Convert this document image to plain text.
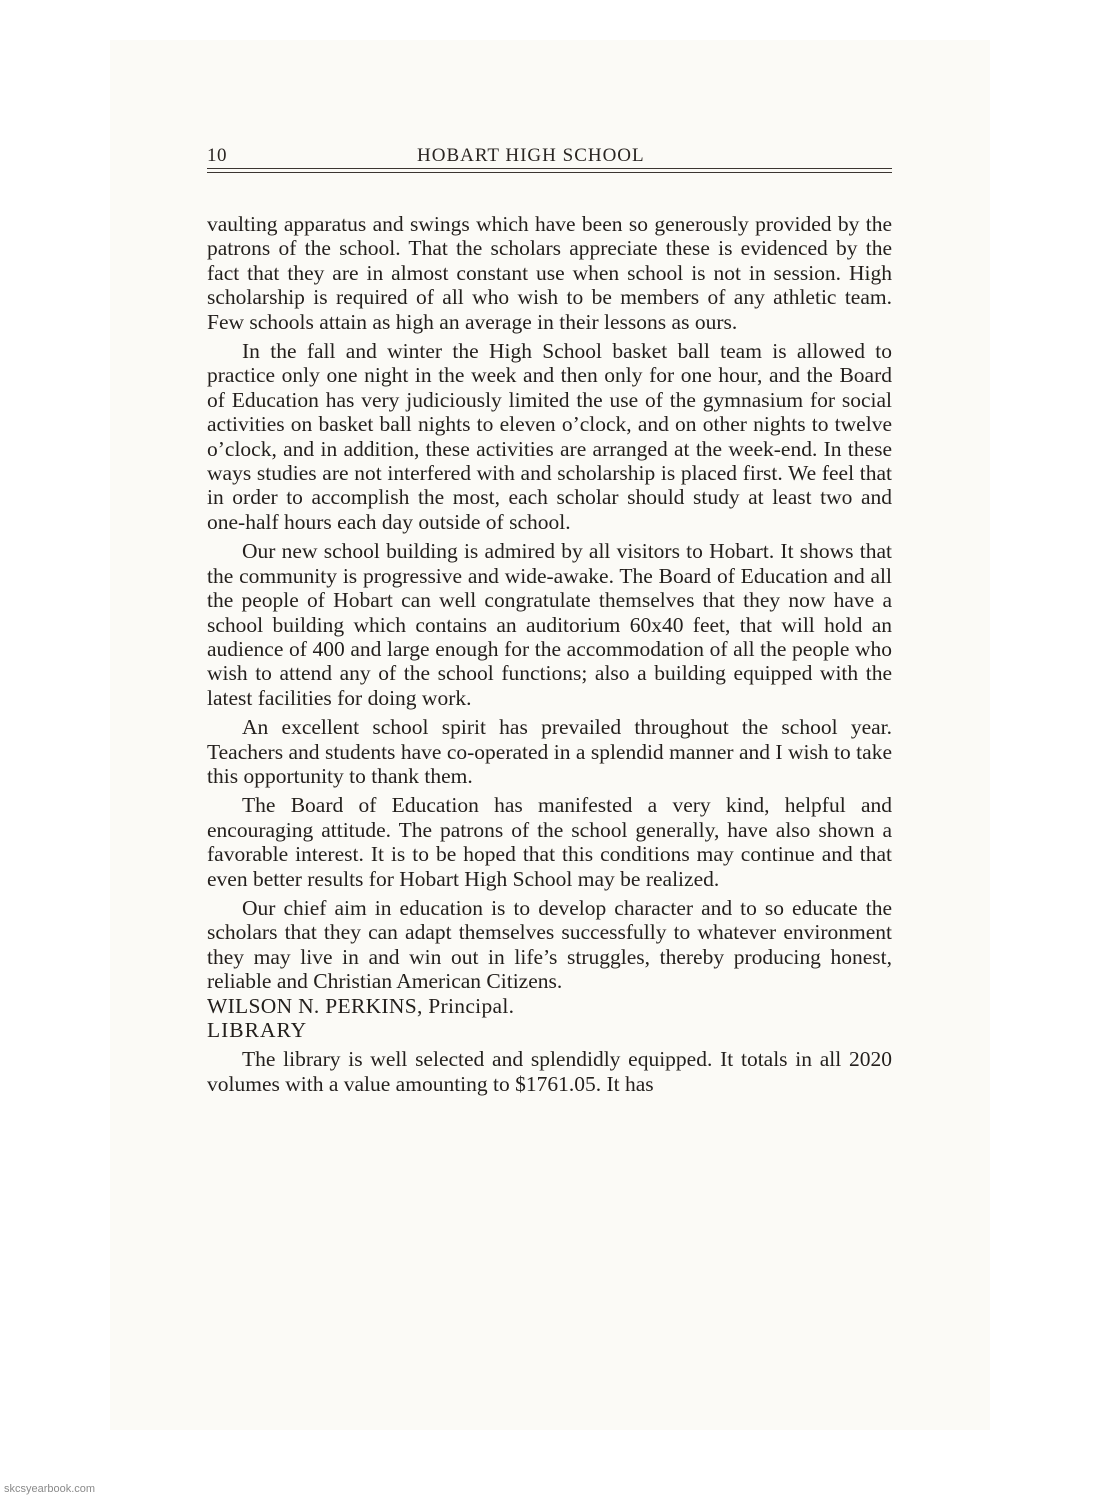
10	HOBART HIGH SCHOOL

vaulting apparatus and swings which have been so generously provided by the patrons of the school. That the scholars appreciate these is evidenced by the fact that they are in almost constant use when school is not in session. High scholarship is required of all who wish to be members of any athletic team. Few schools attain as high an average in their lessons as ours.

In the fall and winter the High School basket ball team is allowed to practice only one night in the week and then only for one hour, and the Board of Education has very judiciously limited the use of the gymnasium for social activities on basket ball nights to eleven o’clock, and on other nights to twelve o’clock, and in addition, these activities are arranged at the week-end. In these ways studies are not interfered with and scholarship is placed first. We feel that in order to accomplish the most, each scholar should study at least two and one-half hours each day outside of school.

Our new school building is admired by all visitors to Hobart. It shows that the community is progressive and wide-awake. The Board of Education and all the people of Hobart can well congratulate themselves that they now have a school building which contains an auditorium 60x40 feet, that will hold an audience of 400 and large enough for the accommodation of all the people who wish to attend any of the school functions; also a building equipped with the latest facilities for doing work.

An excellent school spirit has prevailed throughout the school year. Teachers and students have co-operated in a splendid manner and I wish to take this opportunity to thank them.

The Board of Education has manifested a very kind, helpful and encouraging attitude. The patrons of the school generally, have also shown a favorable interest. It is to be hoped that this conditions may continue and that even better results for Hobart High School may be realized.

Our chief aim in education is to develop character and to so educate the scholars that they can adapt themselves successfully to whatever environment they may live in and win out in life’s struggles, thereby producing honest, reliable and Christian American Citizens.

WILSON N. PERKINS, Principal.

LIBRARY

The library is well selected and splendidly equipped. It totals in all 2020 volumes with a value amounting to $1761.05. It has

skcsyearbook.com
